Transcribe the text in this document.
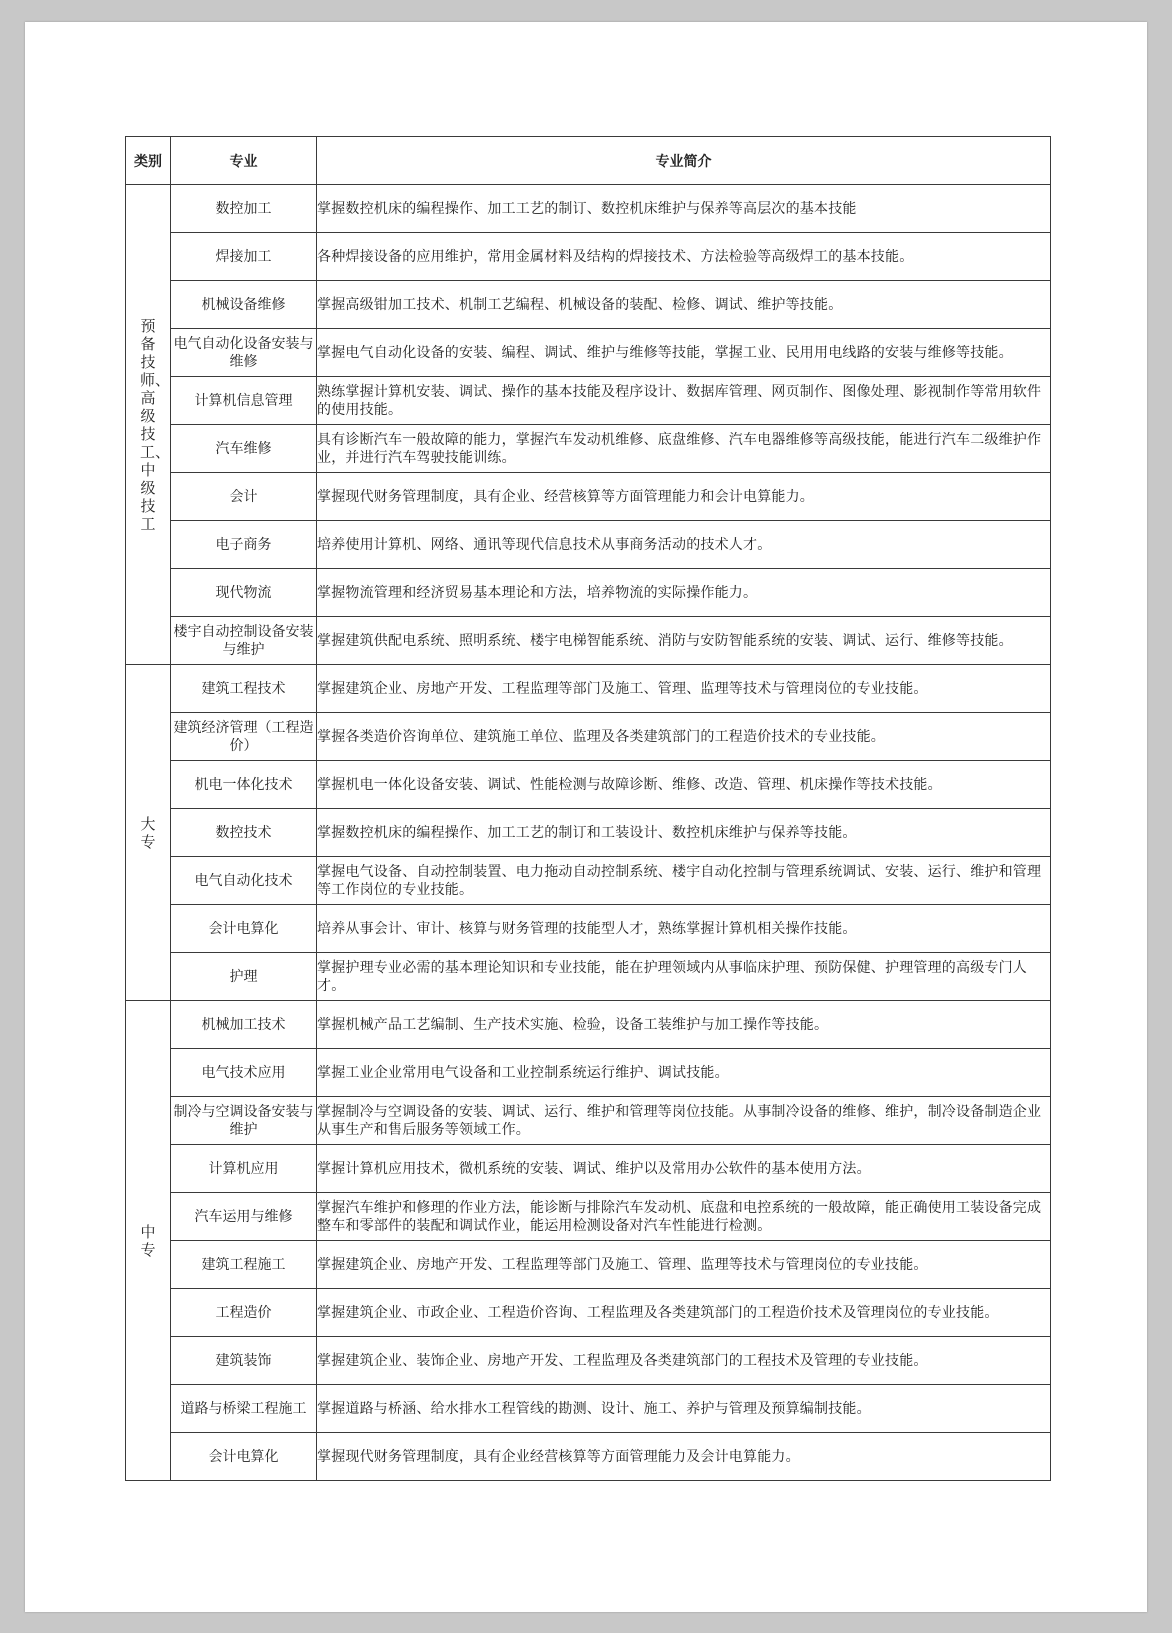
类别	专业	专业简介
预备技师、高级技工、中级技工	数控加工	掌握数控机床的编程操作、加工工艺的制订、数控机床维护与保养等高层次的基本技能
	焊接加工	各种焊接设备的应用维护，常用金属材料及结构的焊接技术、方法检验等高级焊工的基本技能。
	机械设备维修	掌握高级钳加工技术、机制工艺编程、机械设备的装配、检修、调试、维护等技能。
	电气自动化设备安装与维修	掌握电气自动化设备的安装、编程、调试、维护与维修等技能，掌握工业、民用用电线路的安装与维修等技能。
	计算机信息管理	熟练掌握计算机安装、调试、操作的基本技能及程序设计、数据库管理、网页制作、图像处理、影视制作等常用软件的使用技能。
	汽车维修	具有诊断汽车一般故障的能力，掌握汽车发动机维修、底盘维修、汽车电器维修等高级技能，能进行汽车二级维护作业，并进行汽车驾驶技能训练。
	会计	掌握现代财务管理制度，具有企业、经营核算等方面管理能力和会计电算能力。
	电子商务	培养使用计算机、网络、通讯等现代信息技术从事商务活动的技术人才。
	现代物流	掌握物流管理和经济贸易基本理论和方法，培养物流的实际操作能力。
	楼宇自动控制设备安装与维护	掌握建筑供配电系统、照明系统、楼宇电梯智能系统、消防与安防智能系统的安装、调试、运行、维修等技能。
大专	建筑工程技术	掌握建筑企业、房地产开发、工程监理等部门及施工、管理、监理等技术与管理岗位的专业技能。
	建筑经济管理（工程造价）	掌握各类造价咨询单位、建筑施工单位、监理及各类建筑部门的工程造价技术的专业技能。
	机电一体化技术	掌握机电一体化设备安装、调试、性能检测与故障诊断、维修、改造、管理、机床操作等技术技能。
	数控技术	掌握数控机床的编程操作、加工工艺的制订和工装设计、数控机床维护与保养等技能。
	电气自动化技术	掌握电气设备、自动控制装置、电力拖动自动控制系统、楼宇自动化控制与管理系统调试、安装、运行、维护和管理等工作岗位的专业技能。
	会计电算化	培养从事会计、审计、核算与财务管理的技能型人才，熟练掌握计算机相关操作技能。
	护理	掌握护理专业必需的基本理论知识和专业技能，能在护理领域内从事临床护理、预防保健、护理管理的高级专门人才。
中专	机械加工技术	掌握机械产品工艺编制、生产技术实施、检验，设备工装维护与加工操作等技能。
	电气技术应用	掌握工业企业常用电气设备和工业控制系统运行维护、调试技能。
	制冷与空调设备安装与维护	掌握制冷与空调设备的安装、调试、运行、维护和管理等岗位技能。从事制冷设备的维修、维护，制冷设备制造企业从事生产和售后服务等领域工作。
	计算机应用	掌握计算机应用技术，微机系统的安装、调试、维护以及常用办公软件的基本使用方法。
	汽车运用与维修	掌握汽车维护和修理的作业方法，能诊断与排除汽车发动机、底盘和电控系统的一般故障，能正确使用工装设备完成整车和零部件的装配和调试作业，能运用检测设备对汽车性能进行检测。
	建筑工程施工	掌握建筑企业、房地产开发、工程监理等部门及施工、管理、监理等技术与管理岗位的专业技能。
	工程造价	掌握建筑企业、市政企业、工程造价咨询、工程监理及各类建筑部门的工程造价技术及管理岗位的专业技能。
	建筑装饰	掌握建筑企业、装饰企业、房地产开发、工程监理及各类建筑部门的工程技术及管理的专业技能。
	道路与桥梁工程施工	掌握道路与桥涵、给水排水工程管线的勘测、设计、施工、养护与管理及预算编制技能。
	会计电算化	掌握现代财务管理制度，具有企业经营核算等方面管理能力及会计电算能力。
